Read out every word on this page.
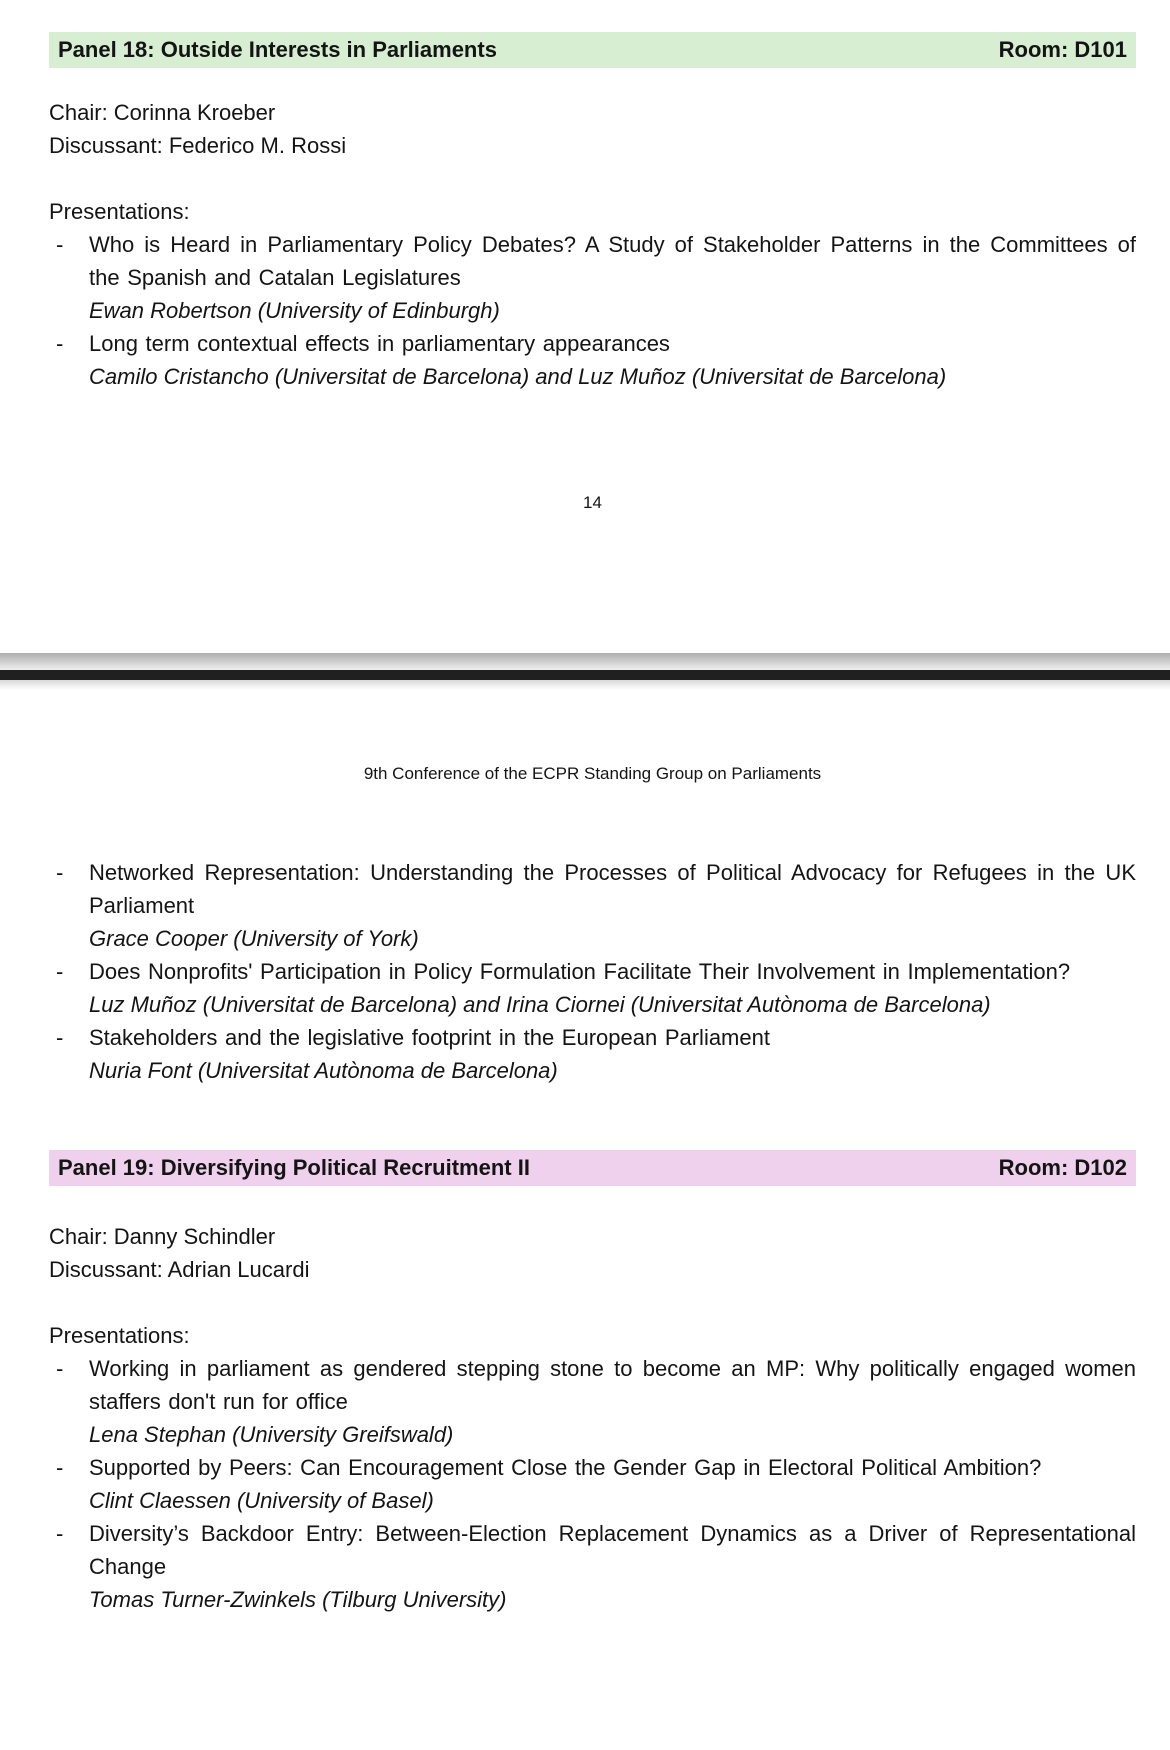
Panel 18: Outside Interests in Parliaments	Room: D101
Chair: Corinna Kroeber
Discussant: Federico M. Rossi
Presentations:
-	Who is Heard in Parliamentary Policy Debates? A Study of Stakeholder Patterns in the Committees of the Spanish and Catalan Legislatures
Ewan Robertson (University of Edinburgh)
-	Long term contextual effects in parliamentary appearances
Camilo Cristancho (Universitat de Barcelona) and Luz Muñoz (Universitat de Barcelona)
14
9th Conference of the ECPR Standing Group on Parliaments
-	Networked Representation: Understanding the Processes of Political Advocacy for Refugees in the UK Parliament
Grace Cooper (University of York)
-	Does Nonprofits' Participation in Policy Formulation Facilitate Their Involvement in Implementation?
Luz Muñoz (Universitat de Barcelona) and Irina Ciornei (Universitat Autònoma de Barcelona)
-	Stakeholders and the legislative footprint in the European Parliament
Nuria Font (Universitat Autònoma de Barcelona)
Panel 19: Diversifying Political Recruitment II	Room: D102
Chair: Danny Schindler
Discussant: Adrian Lucardi
Presentations:
-	Working in parliament as gendered stepping stone to become an MP: Why politically engaged women staffers don't run for office
Lena Stephan (University Greifswald)
-	Supported by Peers: Can Encouragement Close the Gender Gap in Electoral Political Ambition?
Clint Claessen (University of Basel)
-	Diversity’s Backdoor Entry: Between-Election Replacement Dynamics as a Driver of Representational Change
Tomas Turner-Zwinkels (Tilburg University)
